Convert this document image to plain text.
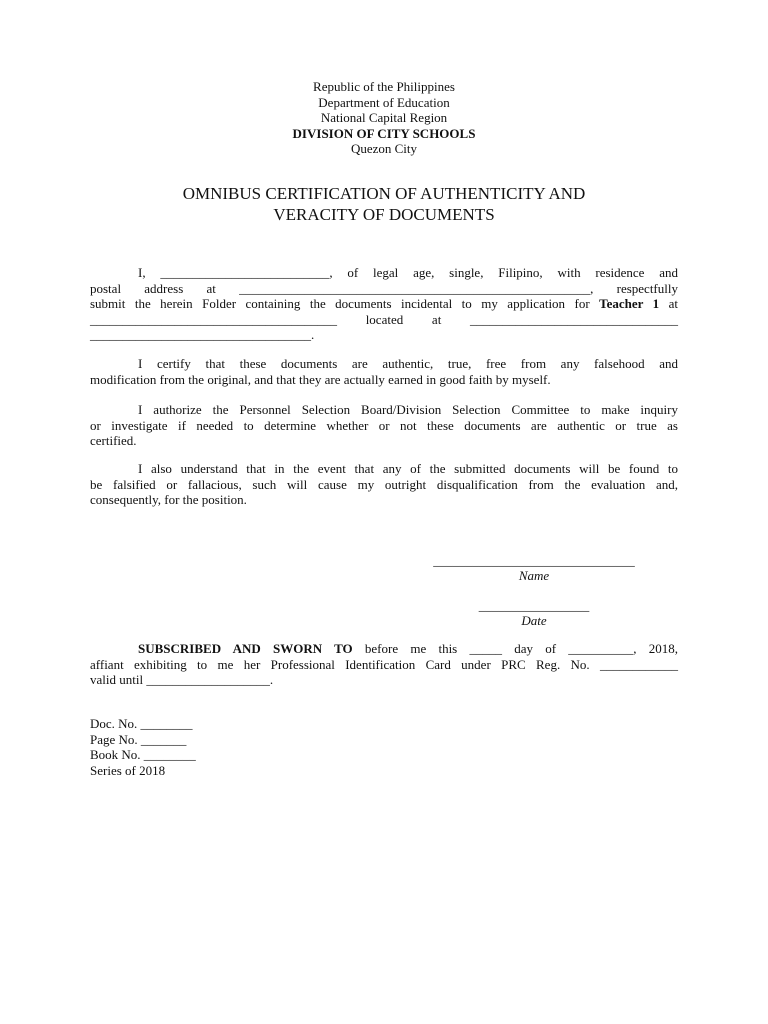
Republic of the Philippines
Department of Education
National Capital Region
DIVISION OF CITY SCHOOLS
Quezon City
OMNIBUS CERTIFICATION OF AUTHENTICITY AND
VERACITY OF DOCUMENTS
I, __________________________, of legal age, single, Filipino, with residence and
postal address at ______________________________________________________, respectfully
submit the herein Folder containing the documents incidental to my application for Teacher 1 at
______________________________________ located at ________________________________
__________________________________.
I certify that these documents are authentic, true, free from any falsehood and
modification from the original, and that they are actually earned in good faith by myself.
I authorize the Personnel Selection Board/Division Selection Committee to make inquiry
or investigate if needed to determine whether or not these documents are authentic or true as
certified.
I also understand that in the event that any of the submitted documents will be found to
be falsified or fallacious, such will cause my outright disqualification from the evaluation and,
consequently, for the position.
_______________________________
Name
_________________
Date
SUBSCRIBED AND SWORN TO before me this _____ day of __________, 2018,
affiant exhibiting to me her Professional Identification Card under PRC Reg. No. ____________
valid until ___________________.
Doc. No. ________
Page No. _______
Book No. ________
Series of 2018
